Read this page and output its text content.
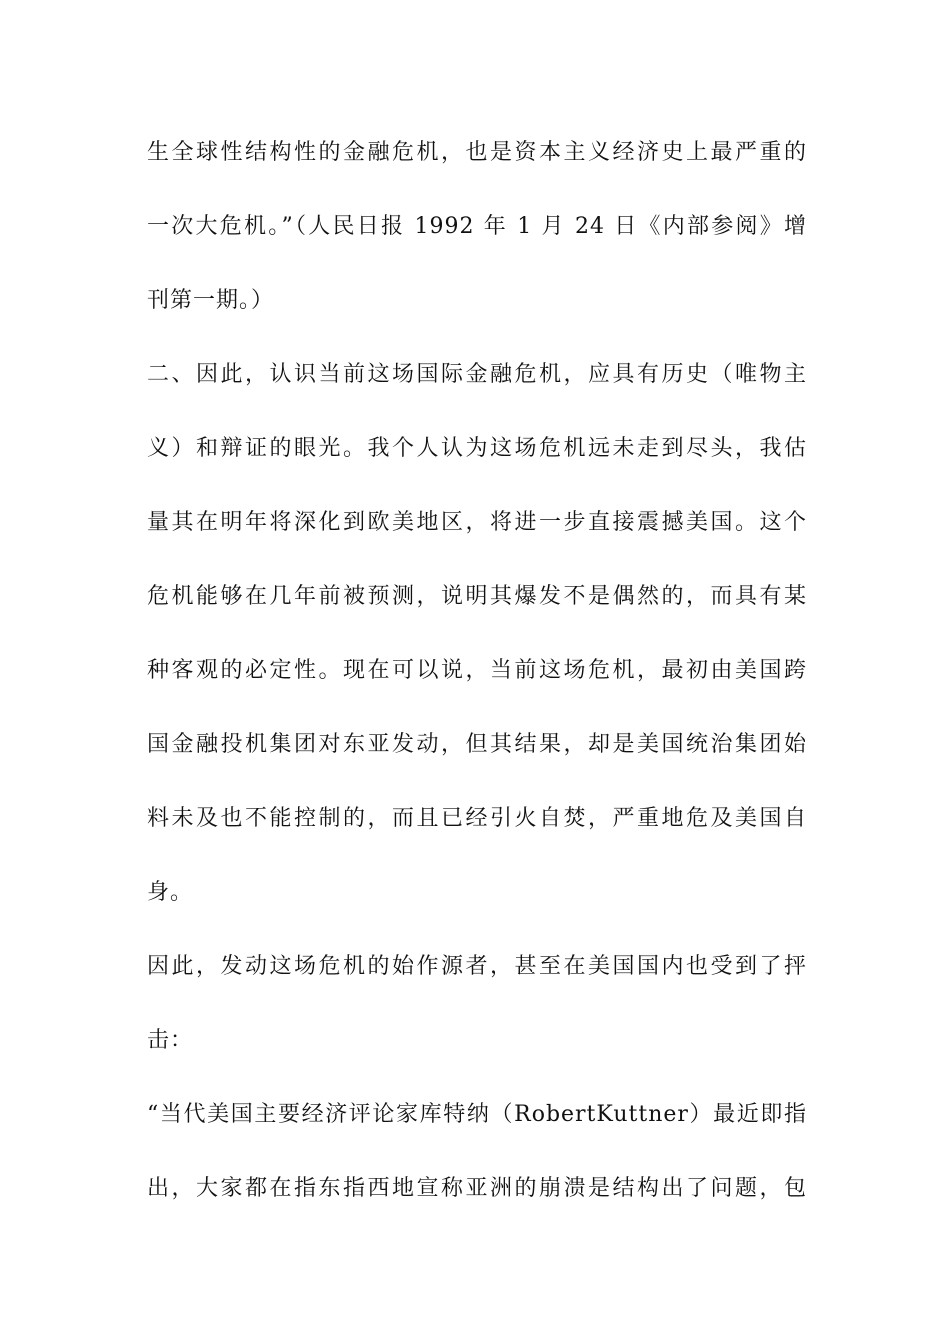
生全球性结构性的金融危机，也是资本主义经济史上最严重的
一次大危机。”（人民日报 1992 年 1 月 24 日《内部参阅》增
刊第一期。）
二、因此，认识当前这场国际金融危机，应具有历史（唯物主
义）和辩证的眼光。我个人认为这场危机远未走到尽头，我估
量其在明年将深化到欧美地区，将进一步直接震撼美国。这个
危机能够在几年前被预测，说明其爆发不是偶然的，而具有某
种客观的必定性。现在可以说，当前这场危机，最初由美国跨
国金融投机集团对东亚发动，但其结果，却是美国统治集团始
料未及也不能控制的，而且已经引火自焚，严重地危及美国自
身。
因此，发动这场危机的始作源者，甚至在美国国内也受到了抨
击：
“当代美国主要经济评论家库特纳（RobertKuttner）最近即指
出，大家都在指东指西地宣称亚洲的崩溃是结构出了问题，包
